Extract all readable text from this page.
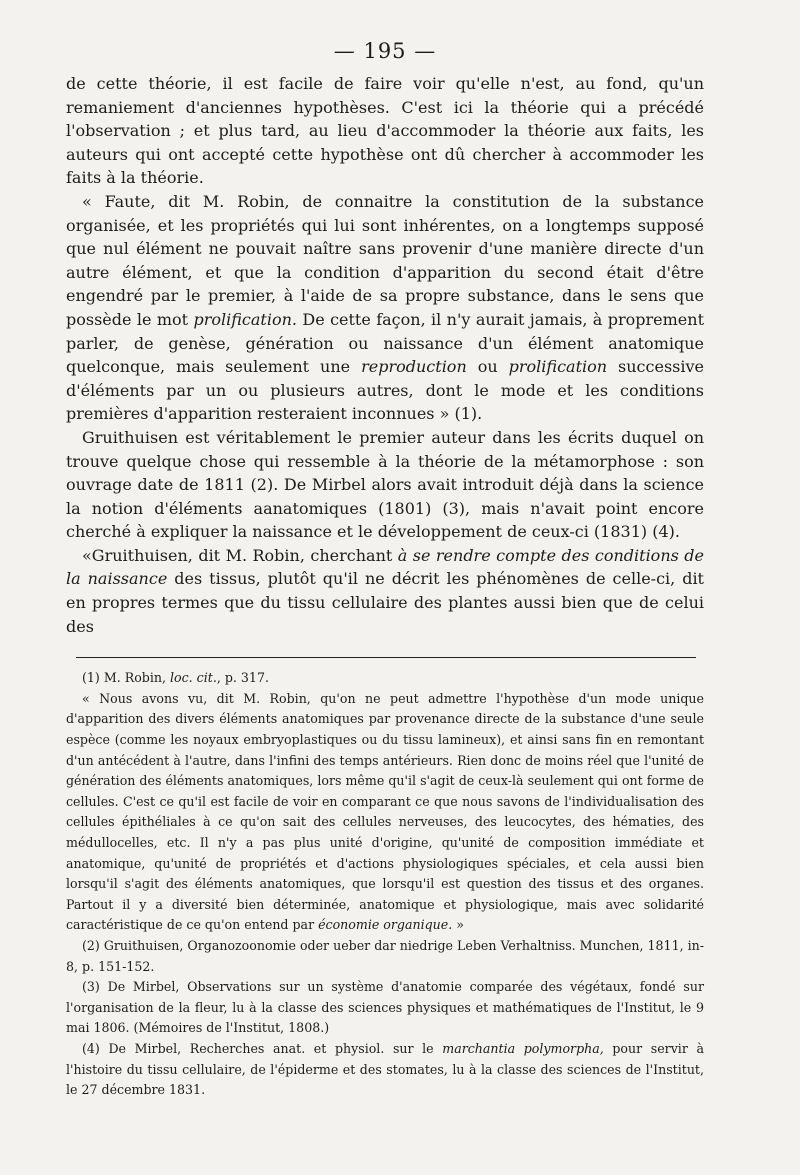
— 195 —

de cette théorie, il est facile de faire voir qu'elle n'est, au fond, qu'un remaniement d'anciennes hypothèses. C'est ici la théorie qui a précédé l'observation ; et plus tard, au lieu d'accommoder la théorie aux faits, les auteurs qui ont accepté cette hypothèse ont dû chercher à accommoder les faits à la théorie.

« Faute, dit M. Robin, de connaitre la constitution de la substance organisée, et les propriétés qui lui sont inhérentes, on a longtemps supposé que nul élément ne pouvait naître sans provenir d'une manière directe d'un autre élément, et que la condition d'apparition du second était d'être engendré par le premier, à l'aide de sa propre substance, dans le sens que possède le mot prolification. De cette façon, il n'y aurait jamais, à proprement parler, de genèse, génération ou naissance d'un élément anatomique quelconque, mais seulement une reproduction ou prolification successive d'éléments par un ou plusieurs autres, dont le mode et les conditions premières d'apparition resteraient inconnues » (1).

Gruithuisen est véritablement le premier auteur dans les écrits duquel on trouve quelque chose qui ressemble à la théorie de la métamorphose : son ouvrage date de 1811 (2). De Mirbel alors avait introduit déjà dans la science la notion d'éléments aanatomiques (1801) (3), mais n'avait point encore cherché à expliquer la naissance et le développement de ceux-ci (1831) (4).

«Gruithuisen, dit M. Robin, cherchant à se rendre compte des conditions de la naissance des tissus, plutôt qu'il ne décrit les phénomènes de celle-ci, dit en propres termes que du tissu cellulaire des plantes aussi bien que de celui des

(1) M. Robin, loc. cit., p. 317.

« Nous avons vu, dit M. Robin, qu'on ne peut admettre l'hypothèse d'un mode unique d'apparition des divers éléments anatomiques par provenance directe de la substance d'une seule espèce (comme les noyaux embryoplastiques ou du tissu lamineux), et ainsi sans fin en remontant d'un antécédent à l'autre, dans l'infini des temps antérieurs. Rien donc de moins réel que l'unité de génération des éléments anatomiques, lors même qu'il s'agit de ceux-là seulement qui ont forme de cellules. C'est ce qu'il est facile de voir en comparant ce que nous savons de l'individualisation des cellules épithéliales à ce qu'on sait des cellules nerveuses, des leucocytes, des hématies, des médullocelles, etc. Il n'y a pas plus unité d'origine, qu'unité de composition immédiate et anatomique, qu'unité de propriétés et d'actions physiologiques spéciales, et cela aussi bien lorsqu'il s'agit des éléments anatomiques, que lorsqu'il est question des tissus et des organes. Partout il y a diversité bien déterminée, anatomique et physiologique, mais avec solidarité caractéristique de ce qu'on entend par économie organique. »

(2) Gruithuisen, Organozoonomie oder ueber dar niedrige Leben Verhaltniss. Munchen, 1811, in-8, p. 151-152.

(3) De Mirbel, Observations sur un système d'anatomie comparée des végétaux, fondé sur l'organisation de la fleur, lu à la classe des sciences physiques et mathématiques de l'Institut, le 9 mai 1806. (Mémoires de l'Institut, 1808.)

(4) De Mirbel, Recherches anat. et physiol. sur le marchantia polymorpha, pour servir à l'histoire du tissu cellulaire, de l'épiderme et des stomates, lu à la classe des sciences de l'Institut, le 27 décembre 1831.
